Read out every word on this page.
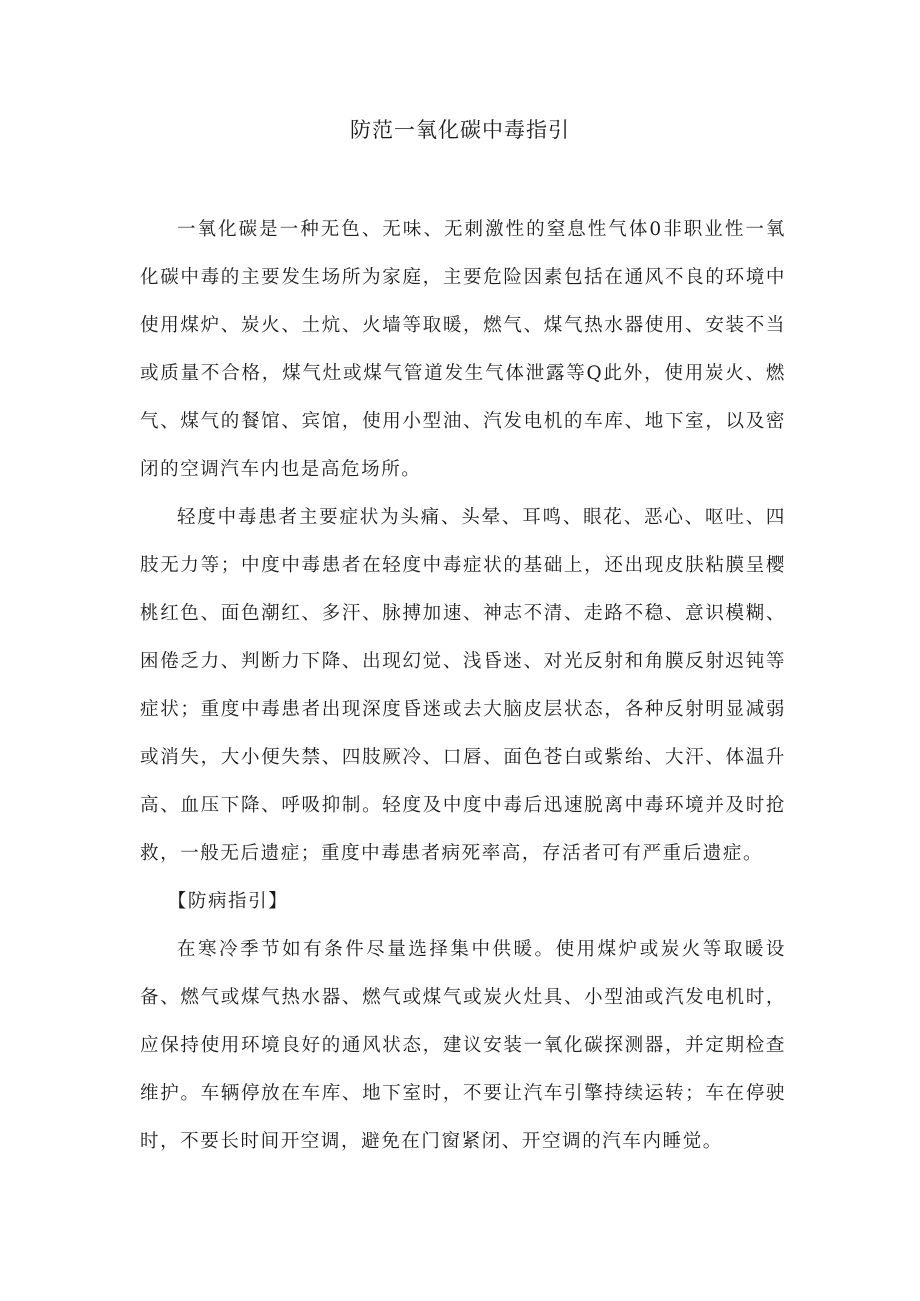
防范一氧化碳中毒指引

一氧化碳是一种无色、无味、无刺激性的窒息性气体0非职业性一氧化碳中毒的主要发生场所为家庭，主要危险因素包括在通风不良的环境中使用煤炉、炭火、土炕、火墙等取暖，燃气、煤气热水器使用、安装不当或质量不合格，煤气灶或煤气管道发生气体泄露等Q此外，使用炭火、燃气、煤气的餐馆、宾馆，使用小型油、汽发电机的车库、地下室，以及密闭的空调汽车内也是高危场所。

轻度中毒患者主要症状为头痛、头晕、耳鸣、眼花、恶心、呕吐、四肢无力等；中度中毒患者在轻度中毒症状的基础上，还出现皮肤粘膜呈樱桃红色、面色潮红、多汗、脉搏加速、神志不清、走路不稳、意识模糊、困倦乏力、判断力下降、出现幻觉、浅昏迷、对光反射和角膜反射迟钝等症状；重度中毒患者出现深度昏迷或去大脑皮层状态，各种反射明显减弱或消失，大小便失禁、四肢厥冷、口唇、面色苍白或紫绐、大汗、体温升高、血压下降、呼吸抑制。轻度及中度中毒后迅速脱离中毒环境并及时抢救，一般无后遗症；重度中毒患者病死率高，存活者可有严重后遗症。

【防病指引】

在寒冷季节如有条件尽量选择集中供暖。使用煤炉或炭火等取暖设备、燃气或煤气热水器、燃气或煤气或炭火灶具、小型油或汽发电机时，应保持使用环境良好的通风状态，建议安装一氧化碳探测器，并定期检查维护。车辆停放在车库、地下室时，不要让汽车引擎持续运转；车在停驶时，不要长时间开空调，避免在门窗紧闭、开空调的汽车内睡觉。
